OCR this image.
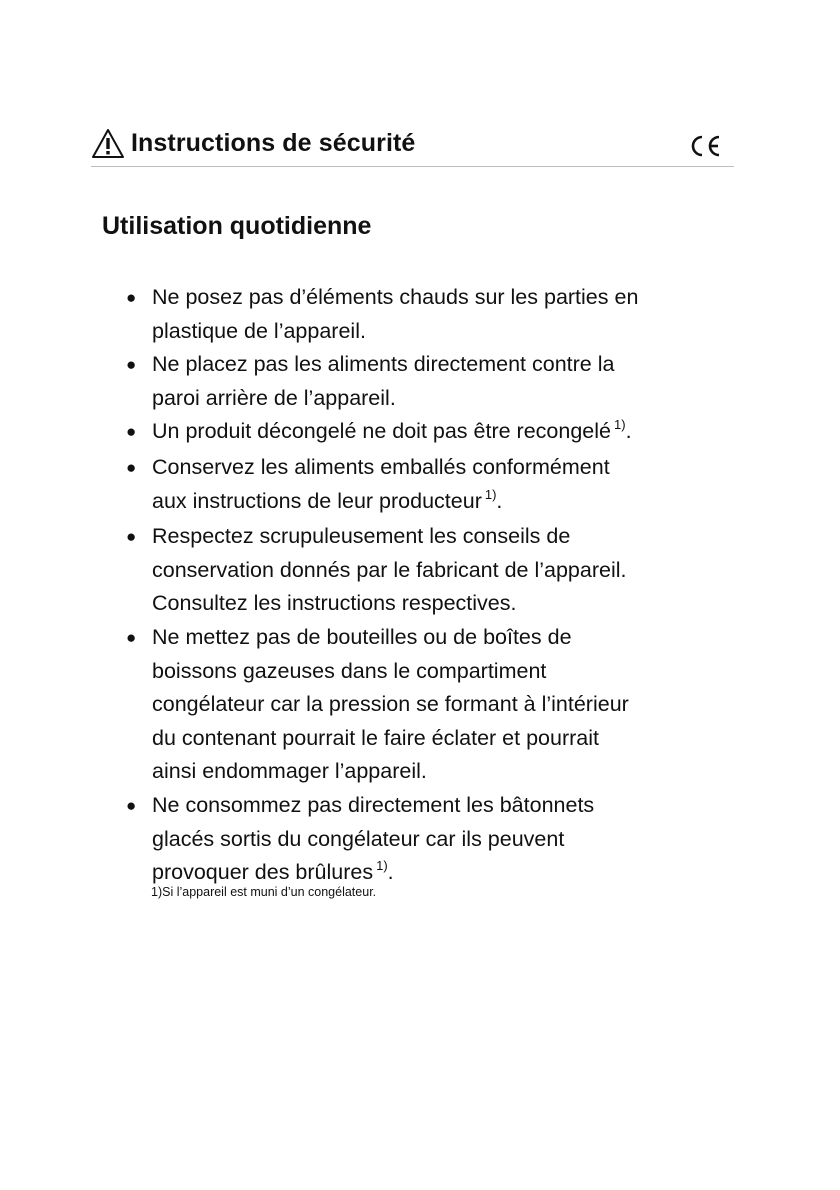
Instructions de sécurité
Utilisation quotidienne
● Ne posez pas d’éléments chauds sur les parties en
plastique de l’appareil.
● Ne placez pas les aliments directement contre la
paroi arrière de l’appareil.
● Un produit décongelé ne doit pas être recongelé $^{1)}$.
● Conservez les aliments emballés conformément
aux instructions de leur producteur $^{1)}$.
● Respectez scrupuleusement les conseils de
conservation donnés par le fabricant de l’appareil.
Consultez les instructions respectives.
● Ne mettez pas de bouteilles ou de boîtes de
boissons gazeuses dans le compartiment
congélateur car la pression se formant à l’intérieur
du contenant pourrait le faire éclater et pourrait
ainsi endommager l’appareil.
● Ne consommez pas directement les bâtonnets
glacés sortis du congélateur car ils peuvent
provoquer des brûlures $^{1)}$.
1)Si l’appareil est muni d’un congélateur.
